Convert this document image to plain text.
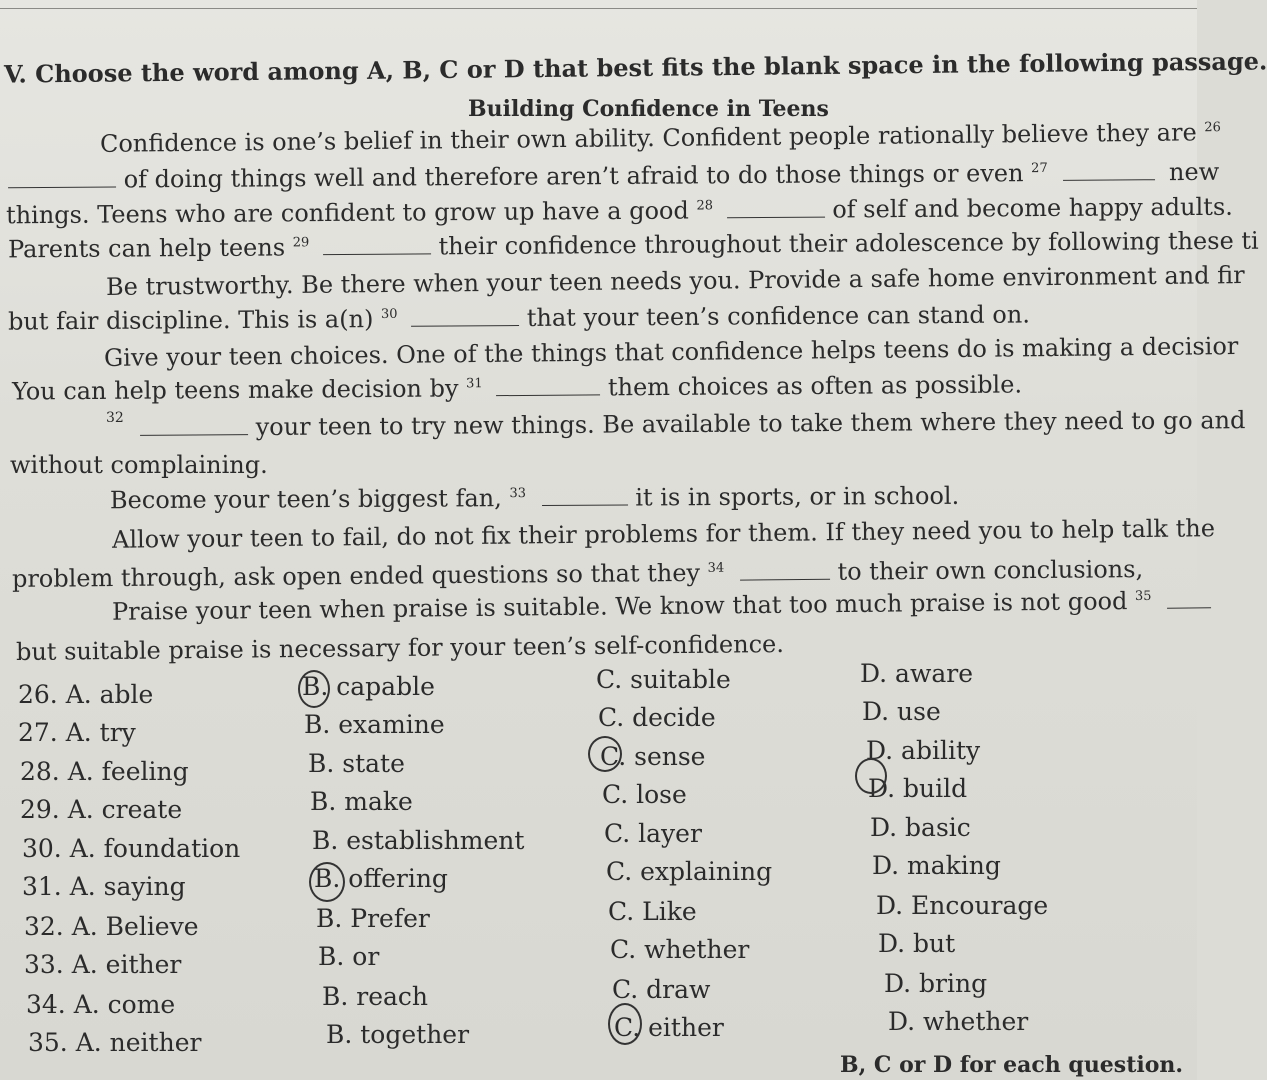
V. Choose the word among A, B, C or D that best fits the blank space in the following passage.
Building Confidence in Teens
Confidence is one’s belief in their own ability. Confident people rationally believe they are $^{26}$
of doing things well and therefore aren’t afraid to do those things or even $^{27}$	new
things. Teens who are confident to grow up have a good $^{28}$	of self and become happy adults.
Parents can help teens $^{29}$	their confidence throughout their adolescence by following these ti
Be trustworthy. Be there when your teen needs you. Provide a safe home environment and fir
but fair discipline. This is a(n) $^{30}$	that your teen’s confidence can stand on.
Give your teen choices. One of the things that confidence helps teens do is making a decisior
You can help teens make decision by $^{31}$	them choices as often as possible.
32	your teen to try new things. Be available to take them where they need to go and
without complaining.
Become your teen’s biggest fan, $^{33}$	it is in sports, or in school.
Allow your teen to fail, do not fix their problems for them. If they need you to help talk the
problem through, ask open ended questions so that they $^{34}$	to their own conclusions,
Praise your teen when praise is suitable. We know that too much praise is not good $^{35}$
but suitable praise is necessary for your teen’s self-confidence.
26. A. able	B. capable	C. suitable	D. aware
27. A. try	B. examine	C. decide	D. use
28. A. feeling	B. state	C. sense	D. ability
29. A. create	B. make	C. lose	D. build
30. A. foundation	B. establishment	C. layer	D. basic
31. A. saying	B. offering	C. explaining	D. making
32. A. Believe	B. Prefer	C. Like	D. Encourage
33. A. either	B. or	C. whether	D. but
34. A. come	B. reach	C. draw	D. bring
35. A. neither	B. together	C. either	D. whether
B, C or D for each question.
